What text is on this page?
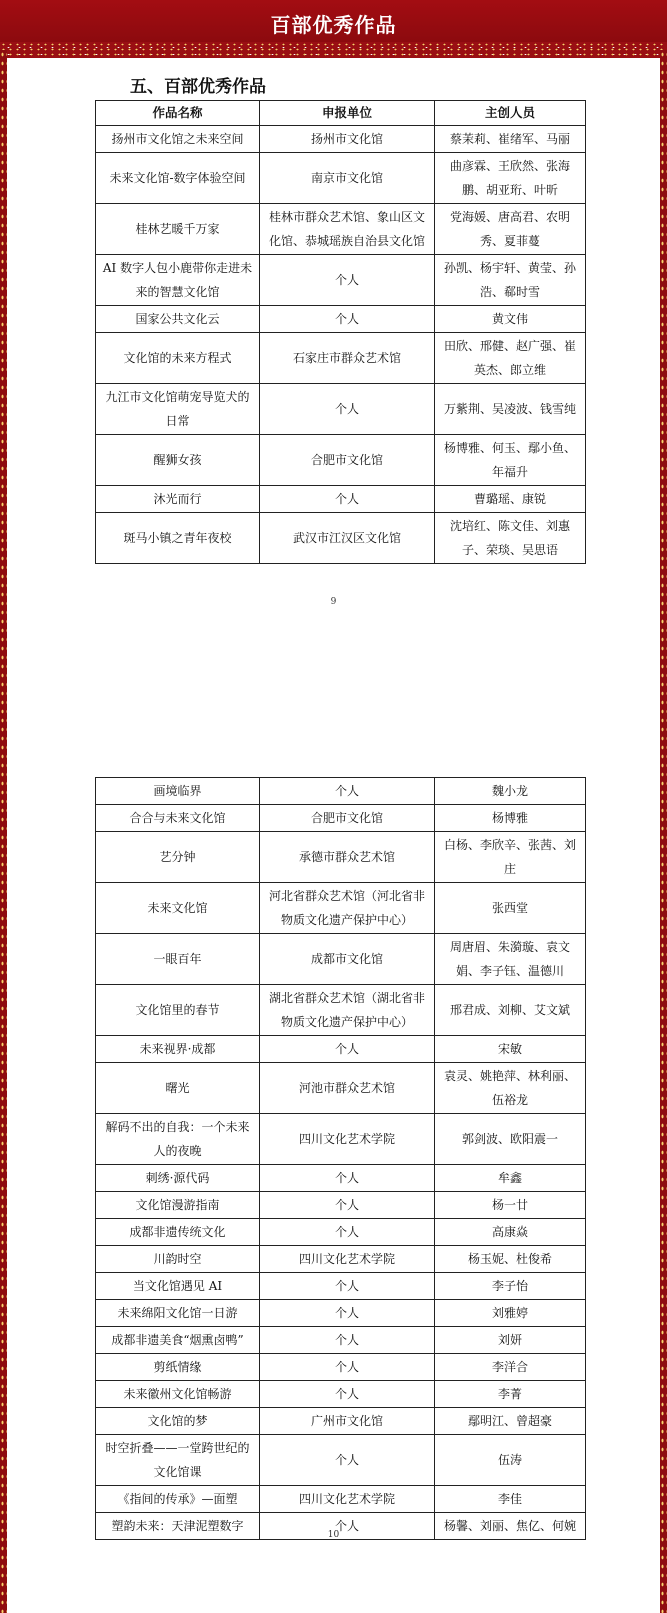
百部优秀作品
五、百部优秀作品
作品名称	申报单位	主创人员
扬州市文化馆之未来空间	扬州市文化馆	蔡茉莉、崔绪军、马丽
未来文化馆-数字体验空间	南京市文化馆	曲彦霖、王欣然、张海鹏、胡亚珩、叶昕
桂林艺暖千万家	桂林市群众艺术馆、象山区文化馆、恭城瑶族自治县文化馆	党海媛、唐高君、农明秀、夏菲蔓
AI 数字人包小鹿带你走进未来的智慧文化馆	个人	孙凯、杨宇轩、黄莹、孙浩、郗时雪
国家公共文化云	个人	黄文伟
文化馆的未来方程式	石家庄市群众艺术馆	田欣、邢健、赵广强、崔英杰、郎立维
九江市文化馆萌宠导览犬的日常	个人	万紫荆、吴凌波、钱雪纯
醒狮女孩	合肥市文化馆	杨博雅、何玉、鄢小鱼、年福升
沐光而行	个人	曹璐瑶、康锐
斑马小镇之青年夜校	武汉市江汉区文化馆	沈培红、陈文佳、刘惠子、荣琰、吴思语
9
画境临界	个人	魏小龙
合合与未来文化馆	合肥市文化馆	杨博雅
艺分钟	承德市群众艺术馆	白杨、李欣辛、张茜、刘庄
未来文化馆	河北省群众艺术馆（河北省非物质文化遗产保护中心）	张西堂
一眼百年	成都市文化馆	周唐眉、朱漪璇、袁文娟、李子钰、温德川
文化馆里的春节	湖北省群众艺术馆（湖北省非物质文化遗产保护中心）	邢君成、刘柳、艾文斌
未来视界·成都	个人	宋敏
曙光	河池市群众艺术馆	袁灵、姚艳萍、林利丽、伍裕龙
解码不出的自我：一个未来人的夜晚	四川文化艺术学院	郭剑波、欧阳震一
刺绣·源代码	个人	牟鑫
文化馆漫游指南	个人	杨一廿
成都非遗传统文化	个人	高康焱
川韵时空	四川文化艺术学院	杨玉妮、杜俊希
当文化馆遇见 AI	个人	李子怡
未来绵阳文化馆一日游	个人	刘雅婷
成都非遗美食“烟熏卤鸭”	个人	刘妍
剪纸情缘	个人	李洋合
未来徽州文化馆畅游	个人	李菁
文化馆的梦	广州市文化馆	鄢明江、曾超豪
时空折叠——一堂跨世纪的文化馆课	个人	伍涛
《指间的传承》—面塑	四川文化艺术学院	李佳
塑韵未来：天津泥塑数字	个人	杨馨、刘丽、焦亿、何婉
10
